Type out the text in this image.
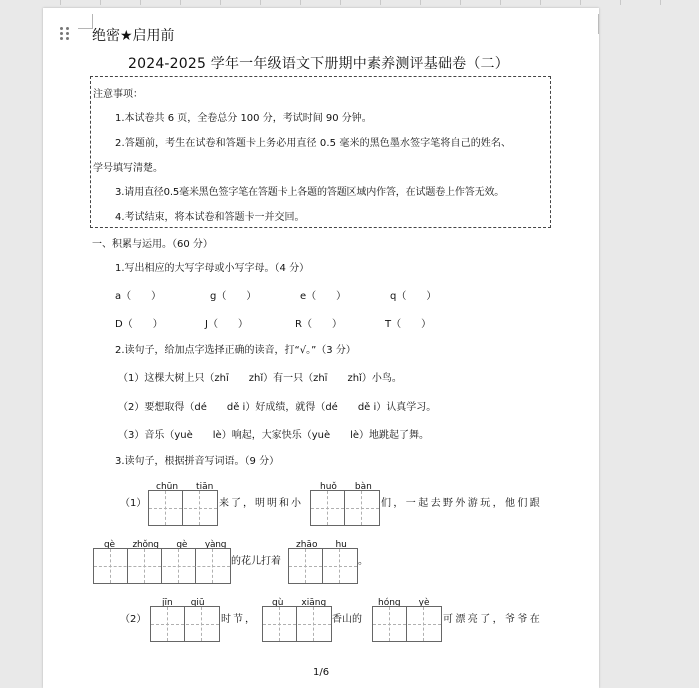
绝密★启用前
2024-2025 学年一年级语文下册期中素养测评基础卷（二）
注意事项：
1.本试卷共 6 页，全卷总分 100 分，考试时间 90 分钟。
2.答题前，考生在试卷和答题卡上务必用直径 0.5 毫米的黑色墨水签字笔将自己的姓名、
学号填写清楚。
3.请用直径0.5毫米黑色签字笔在答题卡上各题的答题区域内作答，在试题卷上作答无效。
4.考试结束，将本试卷和答题卡一并交回。
一、积累与运用。（60 分）
1.写出相应的大写字母或小写字母。（4 分）
a（　　）	g（　　）	e（　　）	q（　　）
D（　　）	J（　　）	R（　　）	T（　　）
2.读句子，给加点字选择正确的读音，打“√。”（3 分）
（1）这棵大树上只（zhī　　zhǐ）有一只（zhī　　zhǐ）小鸟。
（2）要想取得（dé　　dě i）好成绩，就得（dé　　dě i）认真学习。
（3）音乐（yuè　　lè）响起，大家快乐（yuè　　lè）地跳起了舞。
3.读句子，根据拼音写词语。（9 分）
（1）
chūn　　tiān
来了，明明和小
huǒ　　bàn
们，一起去野外游玩，他们跟
gè　　zhǒng　　gè　　yàng
的花儿打着
zhāo　　hu
。
（2）
jīn　　qiū
时节，
gù　　xiāng
香山的
hóng　　yè
可漂亮了，爷爷在
1/6
